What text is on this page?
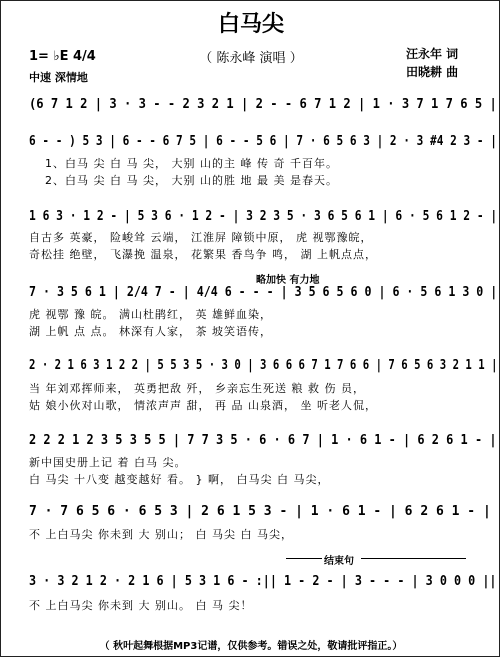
白马尖
（ 陈永峰 演唱 ）
1= ♭E 4/4
中速 深情地
汪永年 词
田晓耕 曲
(6 7 1 2 | 3 · 3 - - 2 3 2 1 | 2 - - 6 7 1 2 | 1 · 3 7 1 7 6 5 |
6 - - ) 5 3 | 6 - - 6 7 5 | 6 - - 5 6 | 7 · 6 5 6 3 | 2 · 3 #4 2 3 - |
1、白马 尖 白 马 尖， 大别 山的主 峰 传 奇 千百年。
2、白马 尖 白 马 尖， 大别 山的胜 地 最 美 是春天。
1 6 3 · 1 2 - | 5 3 6 · 1 2 - | 3 2 3 5 · 3 6 5 6 1 | 6 · 5 6 1 2 - |
自古多 英豪， 险峻耸 云端， 江淮屏 障锁中原， 虎 视鄂豫皖，
奇松挂 绝壁， 飞瀑挽 温泉， 花繁果 香鸟争 鸣， 湖 上帆点点，
略加快 有力地
7 · 3 5 6 1 | 2/4 7 - | 4/4 6 - - - | 3 5 6 5 6 0 | 6 · 5 6 1 3 0 |
虎 视鄂 豫 皖。 满山杜鹃红， 英 雄鲜血染，
湖 上帆 点 点。 林深有人家， 茶 坡笑语传，
2 · 2 1 6 3 1 2 2 | 5 5 3 5 · 3 0 | 3 6 6 6 7 1 7 6 6 | 7 6 5 6 3 2 1 1 |
当 年刘邓挥师来， 英勇把敌 歼， 乡亲忘生死送 粮 救 伤 员，
姑 娘小伙对山歌， 情浓声声 甜， 再 品 山泉酒， 坐 听老人侃，
2 2 2 1 2 3 5 3 5 5 | 7 7 3 5 · 6 · 6 7 | 1 · 6 1 - | 6 2 6 1 - |
新中国史册上记 着 白马 尖。
白 马尖 十八变 越变越好 看。 } 啊， 白马尖 白 马尖，
7 · 7 6 5 6 · 6 5 3 | 2 6 1 5 3 - | 1 · 6 1 - | 6 2 6 1 - |
不 上白马尖 你未到 大 别山； 白 马尖 白 马尖，
结束句
3 · 3 2 1 2 · 2 1 6 | 5 3 1 6 - :|| 1 - 2 - | 3 - - - | 3 0 0 0 ||
不 上白马尖 你未到 大 别山。 白 马 尖！
（ 秋叶起舞根据MP3记谱，仅供参考。错误之处，敬请批评指正。）
